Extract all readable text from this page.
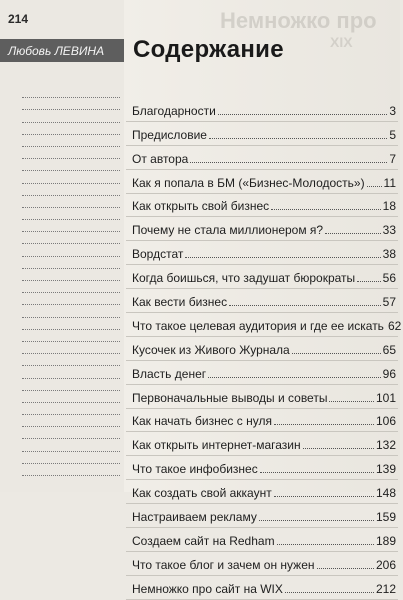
214
Любовь ЛЕВИНА
Немножко про
XIX
Содержание
Благодарности	3
Предисловие	5
От автора	7
Как я попала в БМ («Бизнес-Молодость») 11
Как открыть свой бизнес	18
Почему не стала миллионером я?	33
Вордстат	38
Когда боишься, что задушат бюрократы 56
Как вести бизнес	57
Что такое целевая аудитория и где ее искать 62
Кусочек из Живого Журнала	65
Власть денег	96
Первоначальные выводы и советы	101
Как начать бизнес с нуля	106
Как открыть интернет-магазин	132
Что такое инфобизнес	139
Как создать свой аккаунт	148
Настраиваем рекламу	159
Создаем сайт на Redham	189
Что такое блог и зачем он нужен	206
Немножко про сайт на WIX	212
